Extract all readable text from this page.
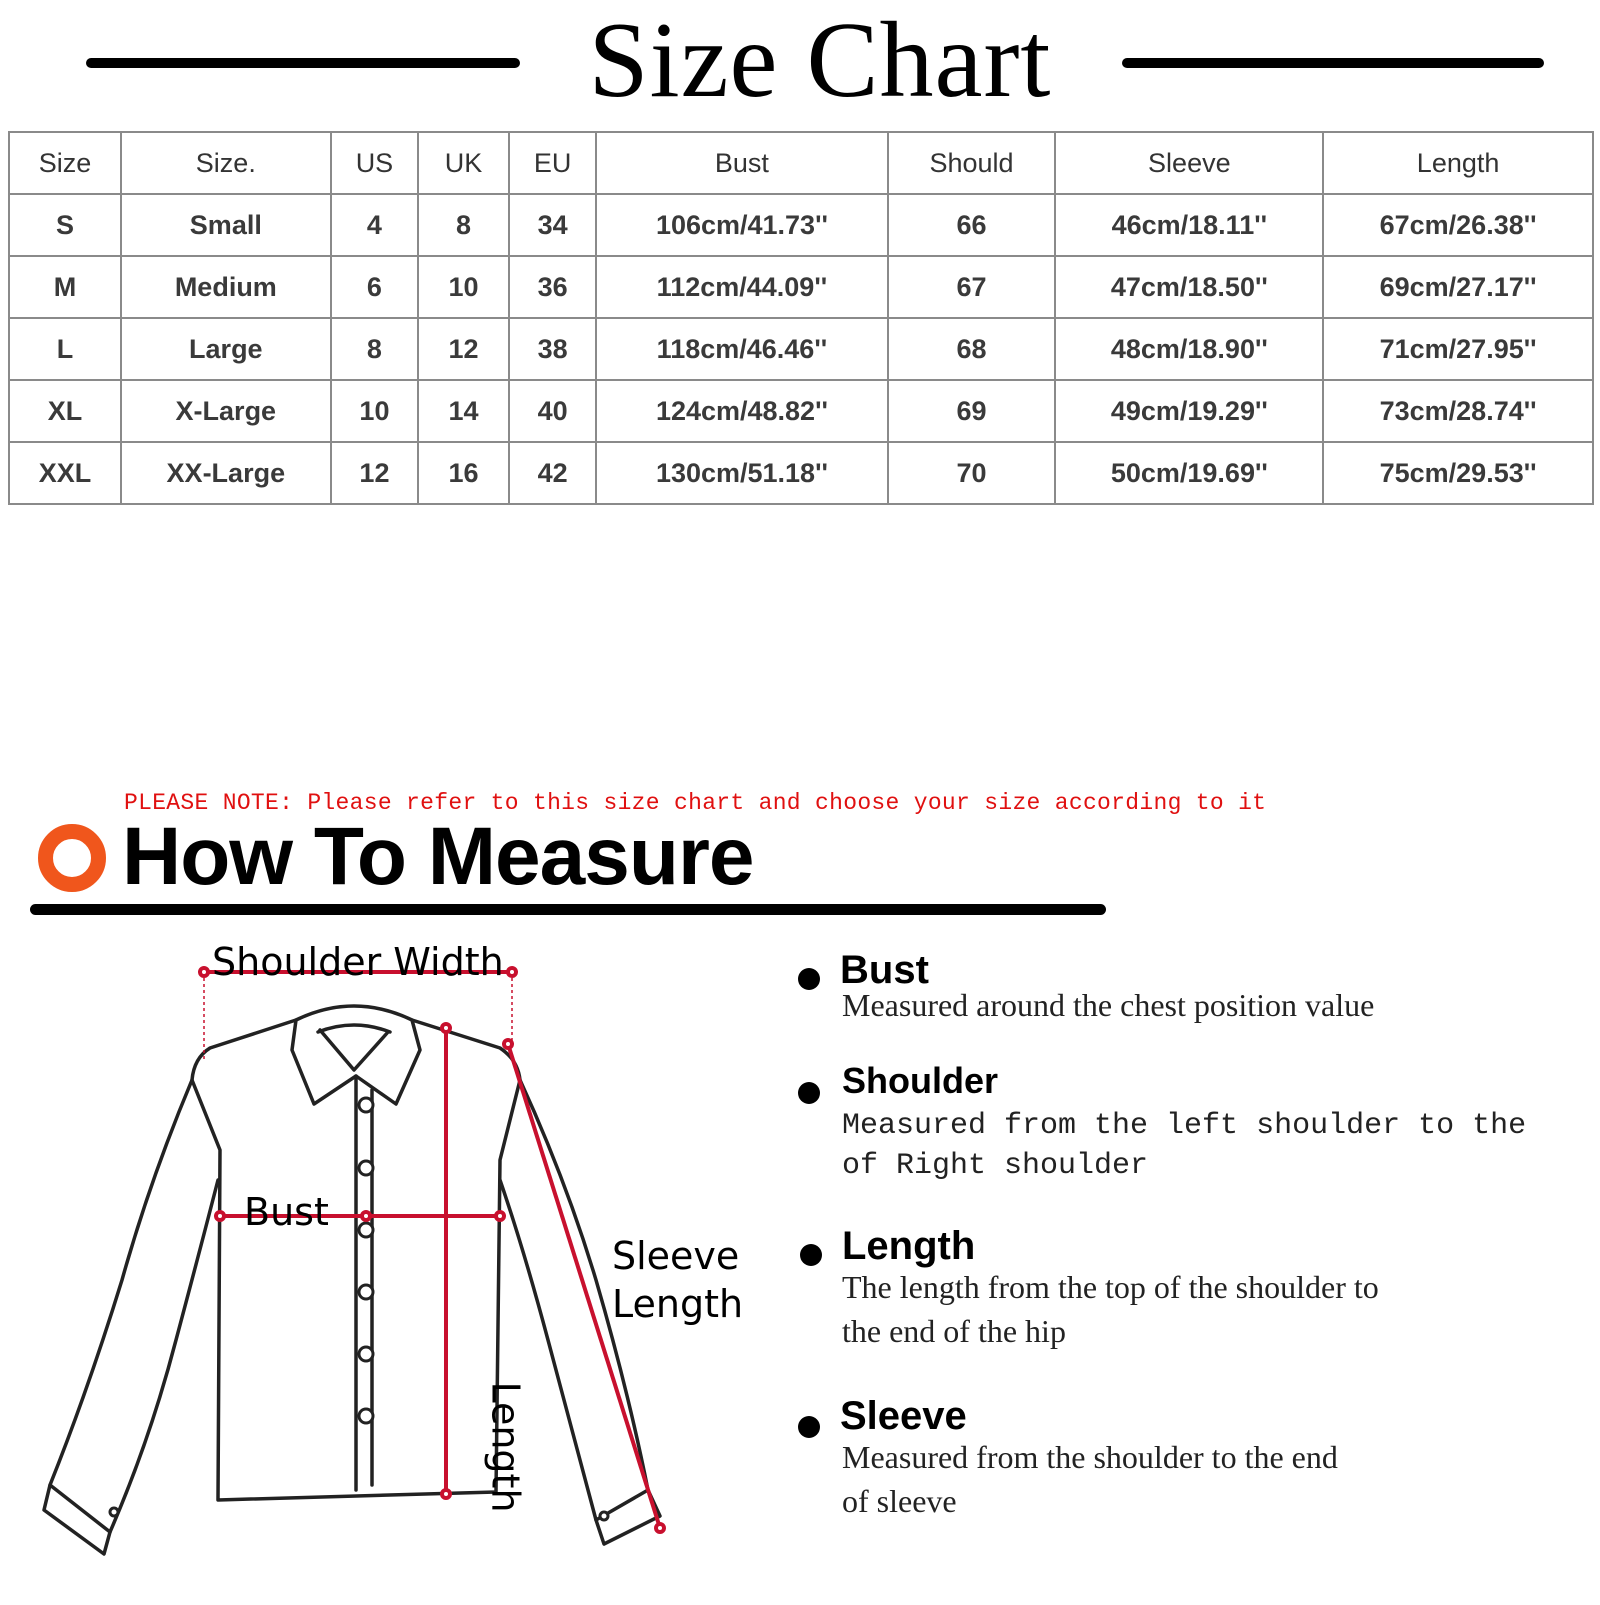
Size Chart
Size	Size.	US	UK	EU	Bust	Should	Sleeve	Length
S	Small	4	8	34	106cm/41.73''	66	46cm/18.11''	67cm/26.38''
M	Medium	6	10	36	112cm/44.09''	67	47cm/18.50''	69cm/27.17''
L	Large	8	12	38	118cm/46.46''	68	48cm/18.90''	71cm/27.95''
XL	X-Large	10	14	40	124cm/48.82''	69	49cm/19.29''	73cm/28.74''
XXL	XX-Large	12	16	42	130cm/51.18''	70	50cm/19.69''	75cm/29.53''
PLEASE NOTE: Please refer to this size chart and choose your size according to it
How To Measure
Shoulder Width
Bust
Sleeve
Length
Length
Bust
Measured around the chest position value
Shoulder
Measured from the left shoulder to the
of Right shoulder
Length
The length from the top of the shoulder to
the end of the hip
Sleeve
Measured from the shoulder to the end
of sleeve
